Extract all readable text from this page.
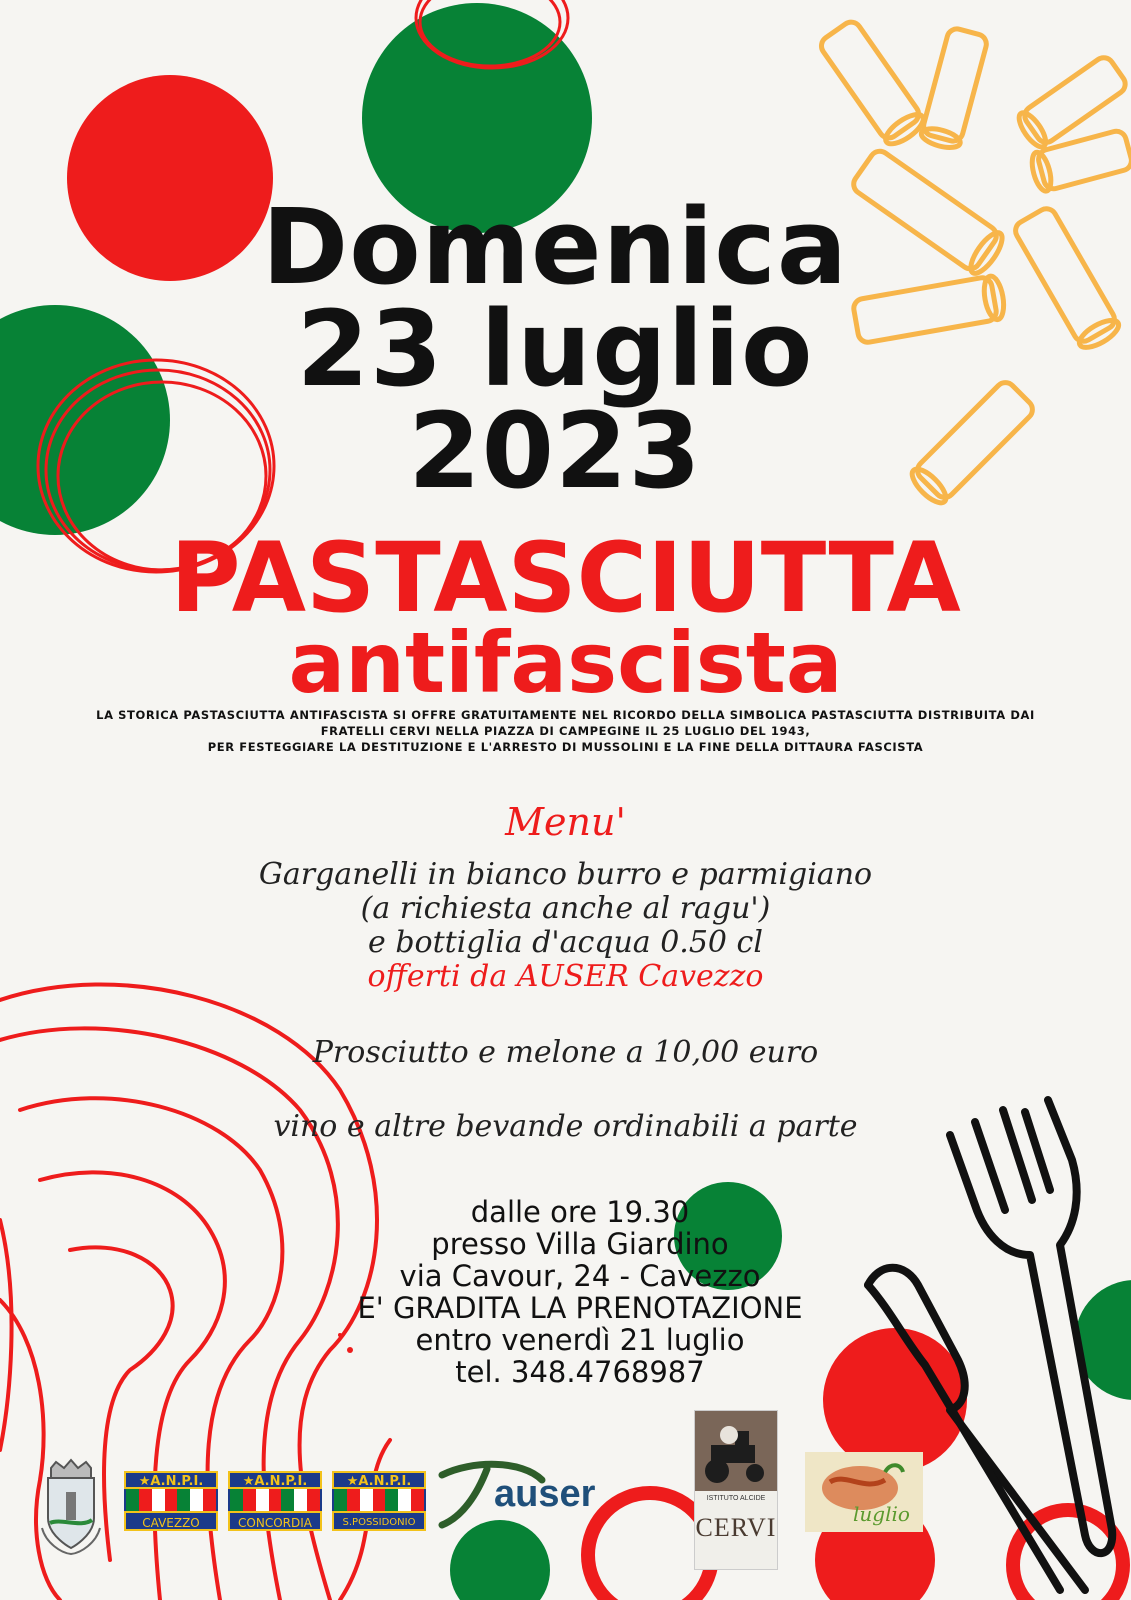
Domenica
23 luglio
2023
PASTASCIUTTA
antifascista
LA STORICA PASTASCIUTTA ANTIFASCISTA SI OFFRE GRATUITAMENTE NEL RICORDO DELLA SIMBOLICA PASTASCIUTTA DISTRIBUITA DAI
FRATELLI CERVI NELLA PIAZZA DI CAMPEGINE IL 25 LUGLIO DEL 1943,
PER FESTEGGIARE LA DESTITUZIONE E L'ARRESTO DI MUSSOLINI E LA FINE DELLA DITTAURA FASCISTA
Menu'
Garganelli in bianco burro e parmigiano
(a richiesta anche al ragu')
e bottiglia d'acqua 0.50 cl
offerti da AUSER Cavezzo
Prosciutto e melone a 10,00 euro
vino e altre bevande ordinabili a parte
dalle ore 19.30
presso Villa Giardino
via Cavour, 24 - Cavezzo
E' GRADITA LA PRENOTAZIONE
entro venerdì 21 luglio
tel. 348.4768987
★A.N.P.I.
CAVEZZO
★A.N.P.I.
CONCORDIA
★A.N.P.I.
S.POSSIDONIO
auser	ISTITUTO ALCIDE
CERVI	luglio
